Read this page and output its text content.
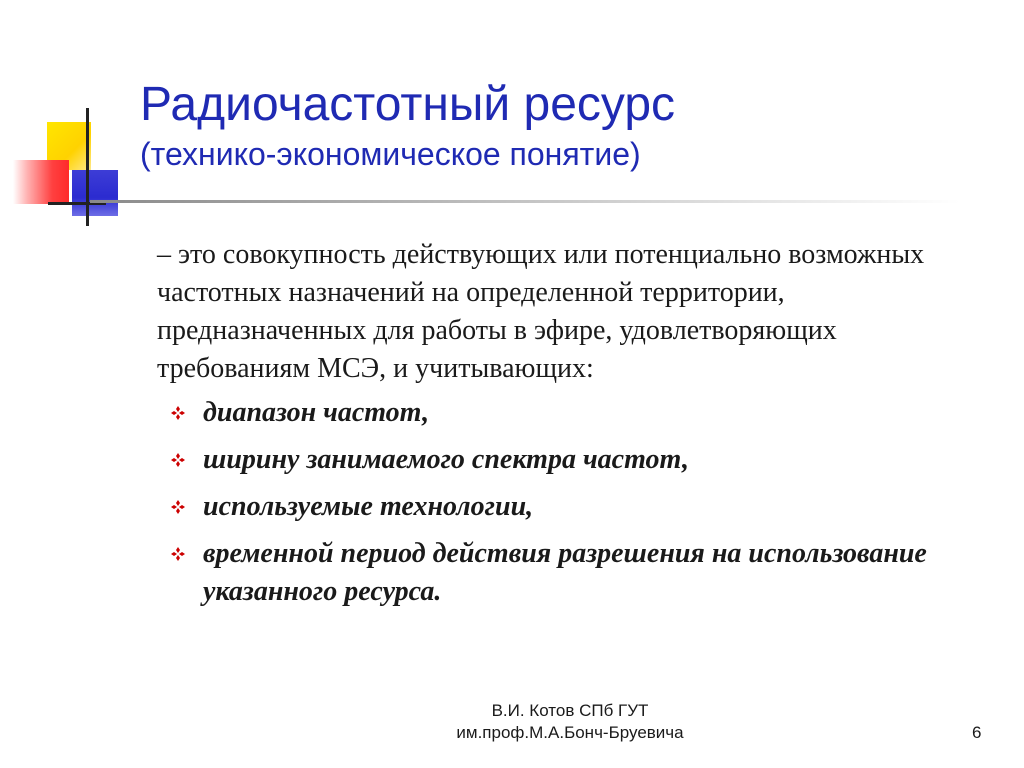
Радиочастотный ресурс
(технико-экономическое понятие)

– это совокупность действующих или потенциально возможных частотных назначений на определенной территории, предназначенных для работы в эфире, удовлетворяющих требованиям МСЭ, и учитывающих:

диапазон частот,
ширину занимаемого спектра частот,
используемые технологии,
временной период действия разрешения на использование указанного ресурса.
В.И. Котов СПб ГУТ
им.проф.М.А.Бонч-Бруевича	6
